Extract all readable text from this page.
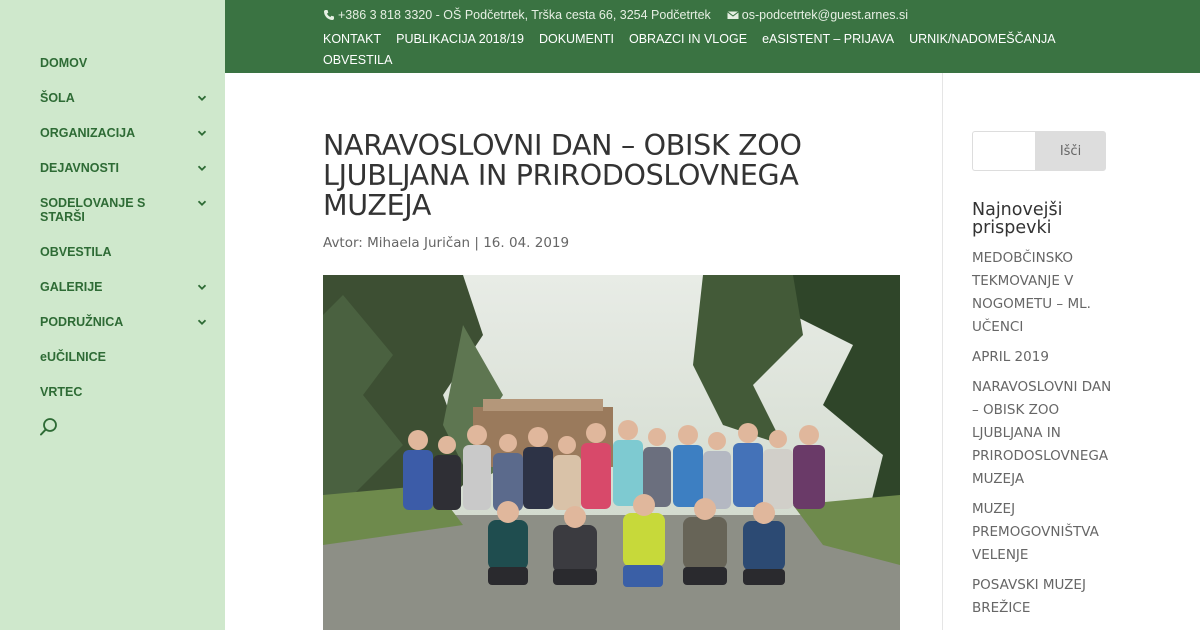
DOMOV
ŠOLA
ORGANIZACIJA
DEJAVNOSTI
SODELOVANJE S STARŠI
OBVESTILA
GALERIJE
PODRUŽNICA
eUČILNICE
VRTEC
+386 3 818 3320 - OŠ Podčetrtek, Trška cesta 66, 3254 Podčetrtek os-podcetrtek@guest.arnes.si
KONTAKT PUBLIKACIJA 2018/19 DOKUMENTI OBRAZCI IN VLOGE eASISTENT – PRIJAVA URNIK/NADOMEŠČANJAOBVESTILA
NARAVOSLOVNI DAN – OBISK ZOO LJUBLJANA IN PRIRODOSLOVNEGA MUZEJA
Avtor: Mihaela Juričan | 16. 04. 2019
Išči
Najnovejši prispevki
MEDOBČINSKO TEKMOVANJE V NOGOMETU – ML. UČENCI
APRIL 2019
NARAVOSLOVNI DAN – OBISK ZOO LJUBLJANA IN PRIRODOSLOVNEGA MUZEJA
MUZEJ PREMOGOVNIŠTVA VELENJE
POSAVSKI MUZEJ BREŽICE
